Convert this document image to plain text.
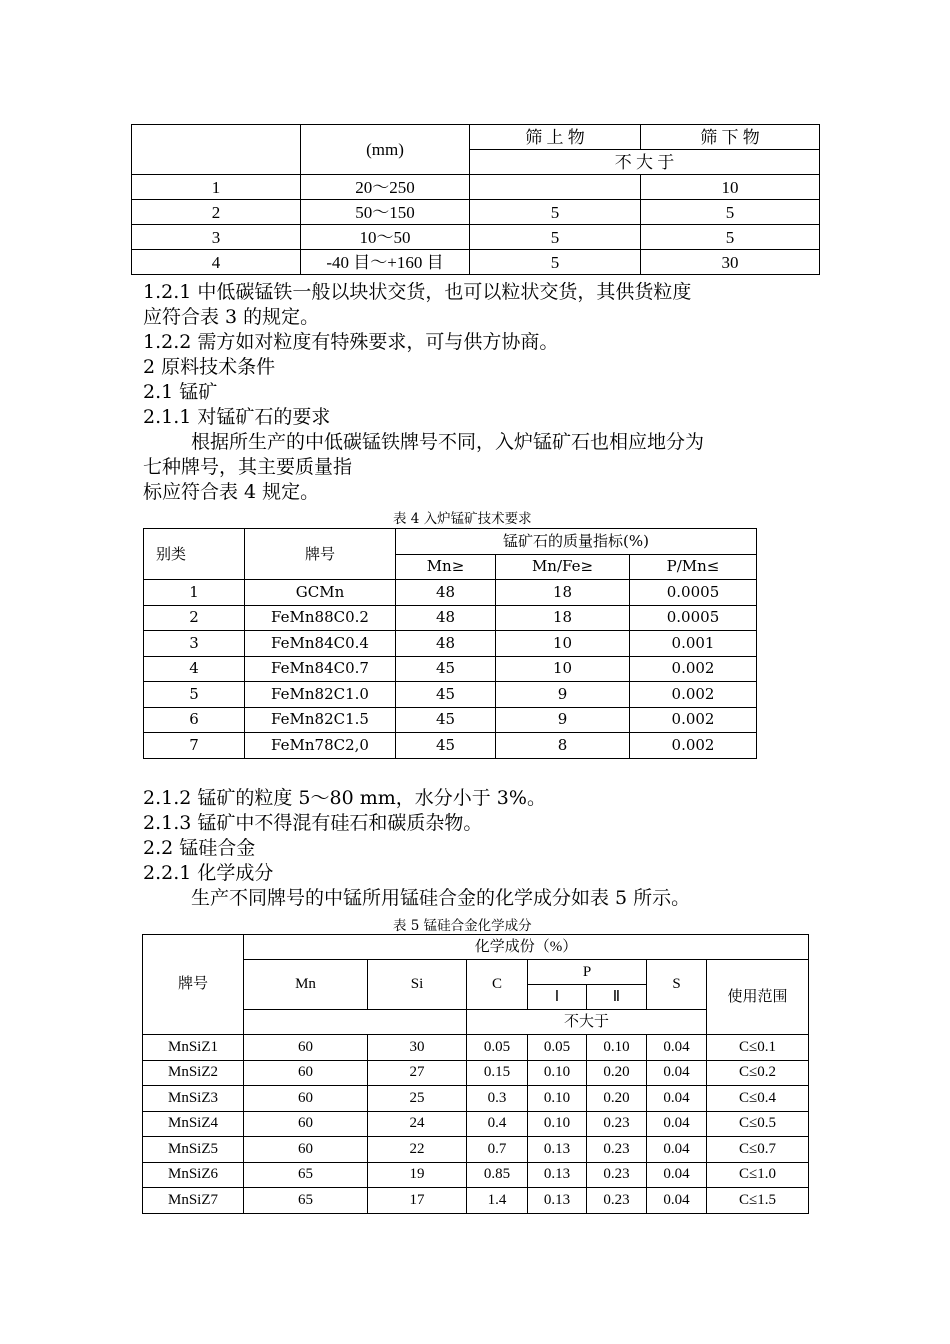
	(mm)	筛 上 物	筛 下 物
		不 大 于	
1	20～250		10
2	50～150	5	5
3	10～50	5	5
4	-40 目～+160 目	5	30
1.2.1 中低碳锰铁一般以块状交货，也可以粒状交货，其供货粒度
应符合表 3 的规定。
1.2.2 需方如对粒度有特殊要求，可与供方协商。
2 原料技术条件
2.1 锰矿
2.1.1 对锰矿石的要求
根据所生产的中低碳锰铁牌号不同，入炉锰矿石也相应地分为
七种牌号，其主要质量指
标应符合表 4 规定。
表 4 入炉锰矿技术要求
别类	牌号	锰矿石的质量指标(%)		
		Mn≥	Mn/Fe≥	P/Mn≤
1	GCMn	48	18	0.0005
2	FeMn88C0.2	48	18	0.0005
3	FeMn84C0.4	48	10	0.001
4	FeMn84C0.7	45	10	0.002
5	FeMn82C1.0	45	9	0.002
6	FeMn82C1.5	45	9	0.002
7	FeMn78C2,0	45	8	0.002
2.1.2 锰矿的粒度 5～80 mm，水分小于 3%。
2.1.3 锰矿中不得混有硅石和碳质杂物。
2.2 锰硅合金
2.2.1 化学成分
生产不同牌号的中锰所用锰硅合金的化学成分如表 5 所示。
表 5 锰硅合金化学成分
牌号	化学成份（%）						
	Mn	Si	C	P		S	使用范围
				Ⅰ	Ⅱ		
			不大于				
MnSiZ1	60	30	0.05	0.05	0.10	0.04	C≤0.1
MnSiZ2	60	27	0.15	0.10	0.20	0.04	C≤0.2
MnSiZ3	60	25	0.3	0.10	0.20	0.04	C≤0.4
MnSiZ4	60	24	0.4	0.10	0.23	0.04	C≤0.5
MnSiZ5	60	22	0.7	0.13	0.23	0.04	C≤0.7
MnSiZ6	65	19	0.85	0.13	0.23	0.04	C≤1.0
MnSiZ7	65	17	1.4	0.13	0.23	0.04	C≤1.5
